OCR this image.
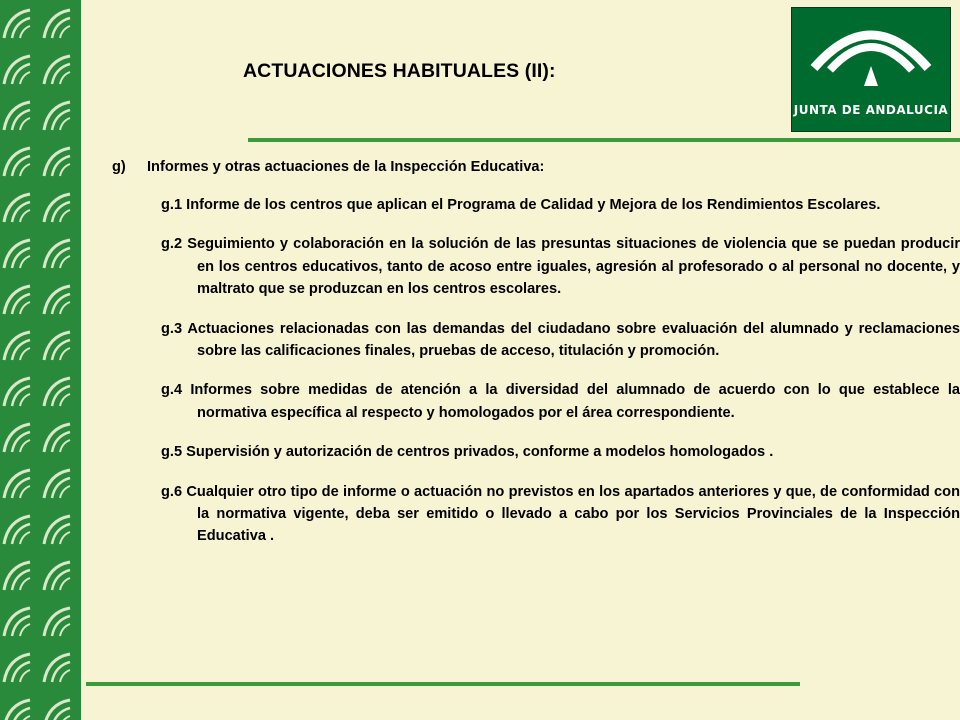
ACTUACIONES HABITUALES (II):
JUNTA DE ANDALUCIA
g) Informes y otras actuaciones de la Inspección Educativa:
g.1 Informe de los centros que aplican el Programa de Calidad y Mejora de los Rendimientos Escolares.
g.2 Seguimiento y colaboración en la solución de las presuntas situaciones de violencia que se puedan producir en los centros educativos, tanto de acoso entre iguales, agresión al profesorado o al personal no docente, y maltrato que se produzcan en los centros escolares.
g.3 Actuaciones relacionadas con las demandas del ciudadano sobre evaluación del alumnado y reclamaciones sobre las calificaciones finales, pruebas de acceso, titulación y promoción.
g.4 Informes sobre medidas de atención a la diversidad del alumnado de acuerdo con lo que establece la normativa específica al respecto y homologados por el área correspondiente.
g.5 Supervisión y autorización de centros privados, conforme a modelos homologados .
g.6 Cualquier otro tipo de informe o actuación no previstos en los apartados anteriores y que, de conformidad con la normativa vigente, deba ser emitido o llevado a cabo por los Servicios Provinciales de la Inspección Educativa .
